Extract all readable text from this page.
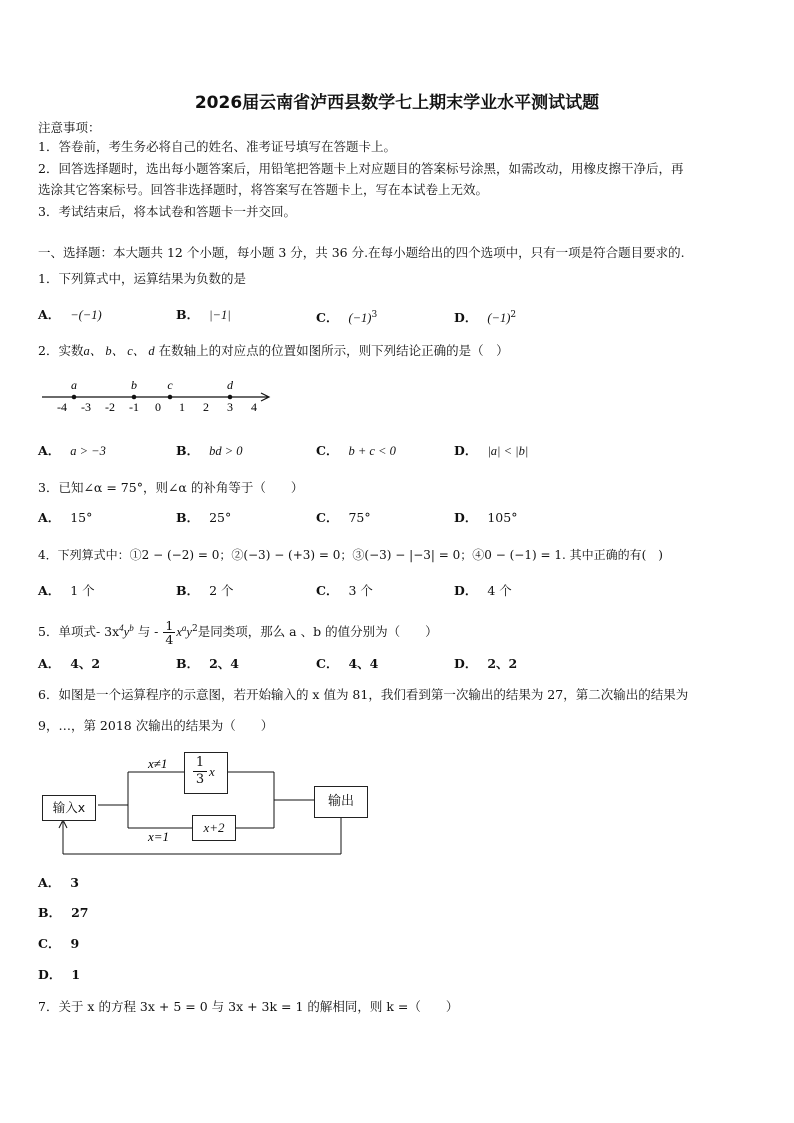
2026届云南省泸西县数学七上期末学业水平测试试题
注意事项：
1．答卷前，考生务必将自己的姓名、准考证号填写在答题卡上。
2．回答选择题时，选出每小题答案后，用铅笔把答题卡上对应题目的答案标号涂黑，如需改动，用橡皮擦干净后，再
选涂其它答案标号。回答非选择题时，将答案写在答题卡上，写在本试卷上无效。
3．考试结束后，将本试卷和答题卡一并交回。
一、选择题：本大题共 12 个小题，每小题 3 分，共 36 分.在每小题给出的四个选项中，只有一项是符合题目要求的.
1．下列算式中，运算结果为负数的是
A． −(−1)	B． |−1|	C． $(-1)^3$	D． $(-1)^2$
2．实数a、 b、 c、 d 在数轴上的对应点的位置如图所示，则下列结论正确的是（　）
-4 -3 -2 -1 0 1 2 3 4
a	b	c	d
A． a > −3	B． bd > 0	C． b + c < 0	D． |a| < |b|
3．已知∠α = 75°，则∠α 的补角等于（　　）
A． 15°	B． 25°	C． 75°	D． 105°
4．下列算式中：①2 − (−2) = 0；②(−3) − (+3) = 0；③(−3) − |−3| = 0；④0 − (−1) = 1. 其中正确的有(　)
A． 1 个	B． 2 个	C． 3 个	D． 4 个
5．单项式- $3x^4y^b$ 与 - $\frac{1}{4} x^ay^2$是同类项，那么 a 、b 的值分别为（　　）
A． 4、2	B． 2、4	C． 4、4	D． 2、2
6．如图是一个运算程序的示意图，若开始输入的 x 值为 81，我们看到第一次输出的结果为 27，第二次输出的结果为
9，…，第 2018 次输出的结果为（　　）
x≠1
x=1
输入x
1
3
x
x+2
输出
A． 3
B． 27
C． 9
D． 1
7．关于 x 的方程 3x + 5 = 0 与 3x + 3k = 1 的解相同，则 k =（　　）
